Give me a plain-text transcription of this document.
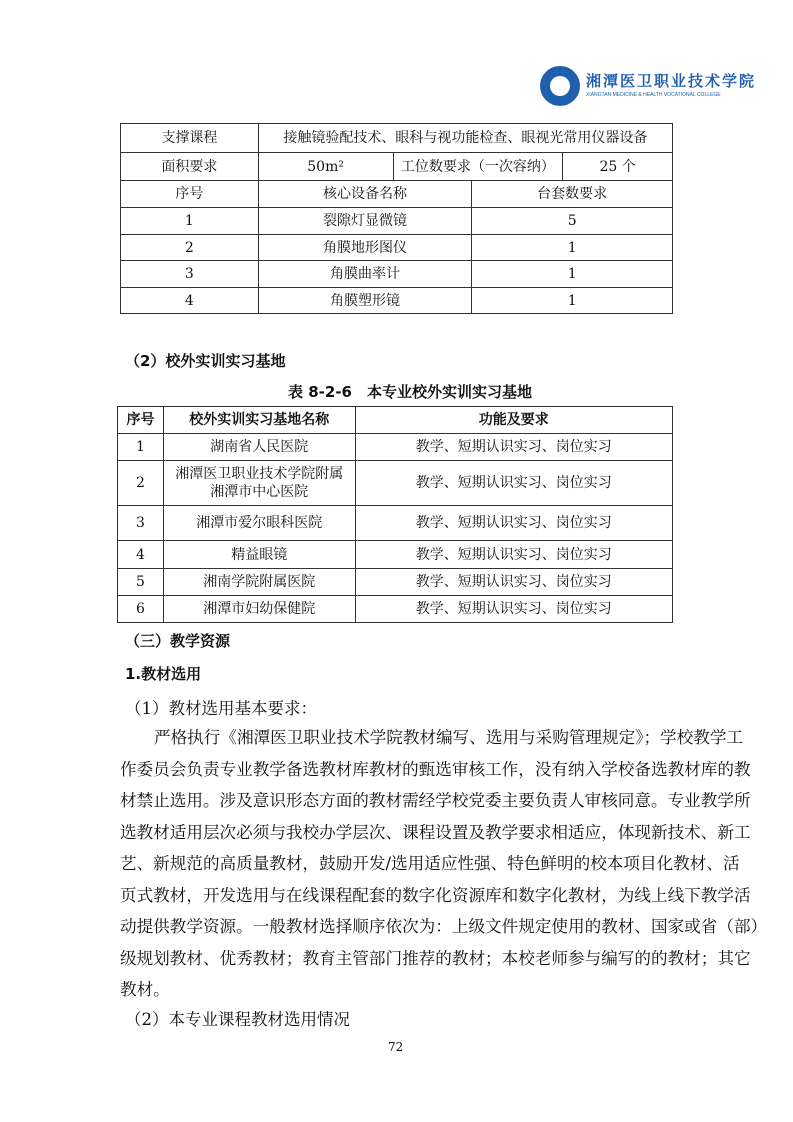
湘潭医卫职业技术学院
XIANGTAN MEDICINE & HEALTH VOCATIONAL COLLEGE
支撑课程	接触镜验配技术、眼科与视功能检查、眼视光常用仪器设备			
面积要求	50m²	工位数要求（一次容纳）		25 个
序号	核心设备名称		台套数要求	
1	裂隙灯显微镜		5	
2	角膜地形图仪		1	
3	角膜曲率计		1	
4	角膜塑形镜		1	
（2）校外实训实习基地
表 8-2-6　本专业校外实训实习基地
序号	校外实训实习基地名称	功能及要求
1	湖南省人民医院	教学、短期认识实习、岗位实习
2	湘潭医卫职业技术学院附属湘潭市中心医院	教学、短期认识实习、岗位实习
3	湘潭市爱尔眼科医院	教学、短期认识实习、岗位实习
4	精益眼镜	教学、短期认识实习、岗位实习
5	湘南学院附属医院	教学、短期认识实习、岗位实习
6	湘潭市妇幼保健院	教学、短期认识实习、岗位实习
（三）教学资源
1.教材选用
（1）教材选用基本要求：
严格执行《湘潭医卫职业技术学院教材编写、选用与采购管理规定》；学校教学工
作委员会负责专业教学备选教材库教材的甄选审核工作，没有纳入学校备选教材库的教
材禁止选用。涉及意识形态方面的教材需经学校党委主要负责人审核同意。专业教学所
选教材适用层次必须与我校办学层次、课程设置及教学要求相适应，体现新技术、新工
艺、新规范的高质量教材，鼓励开发/选用适应性强、特色鲜明的校本项目化教材、活
页式教材，开发选用与在线课程配套的数字化资源库和数字化教材，为线上线下教学活
动提供教学资源。一般教材选择顺序依次为：上级文件规定使用的教材、国家或省（部）
级规划教材、优秀教材；教育主管部门推荐的教材；本校老师参与编写的的教材；其它
教材。
（2）本专业课程教材选用情况
72
